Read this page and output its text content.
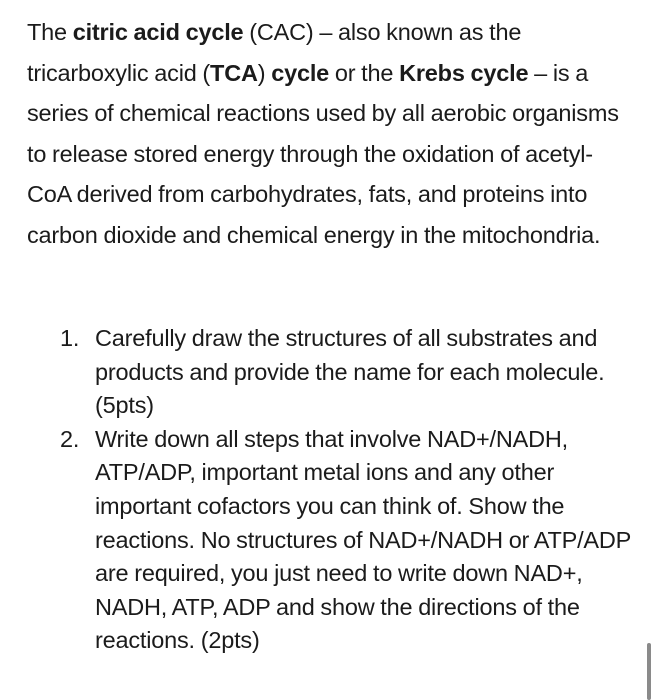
The citric acid cycle (CAC) – also known as the tricarboxylic acid (TCA) cycle or the Krebs cycle – is a series of chemical reactions used by all aerobic organisms to release stored energy through the oxidation of acetyl-CoA derived from carbohydrates, fats, and proteins into carbon dioxide and chemical energy in the mitochondria.

1. Carefully draw the structures of all substrates and products and provide the name for each molecule. (5pts)
2. Write down all steps that involve NAD+/NADH, ATP/ADP, important metal ions and any other important cofactors you can think of. Show the reactions. No structures of NAD+/NADH or ATP/ADP are required, you just need to write down NAD+, NADH, ATP, ADP and show the directions of the reactions. (2pts)
